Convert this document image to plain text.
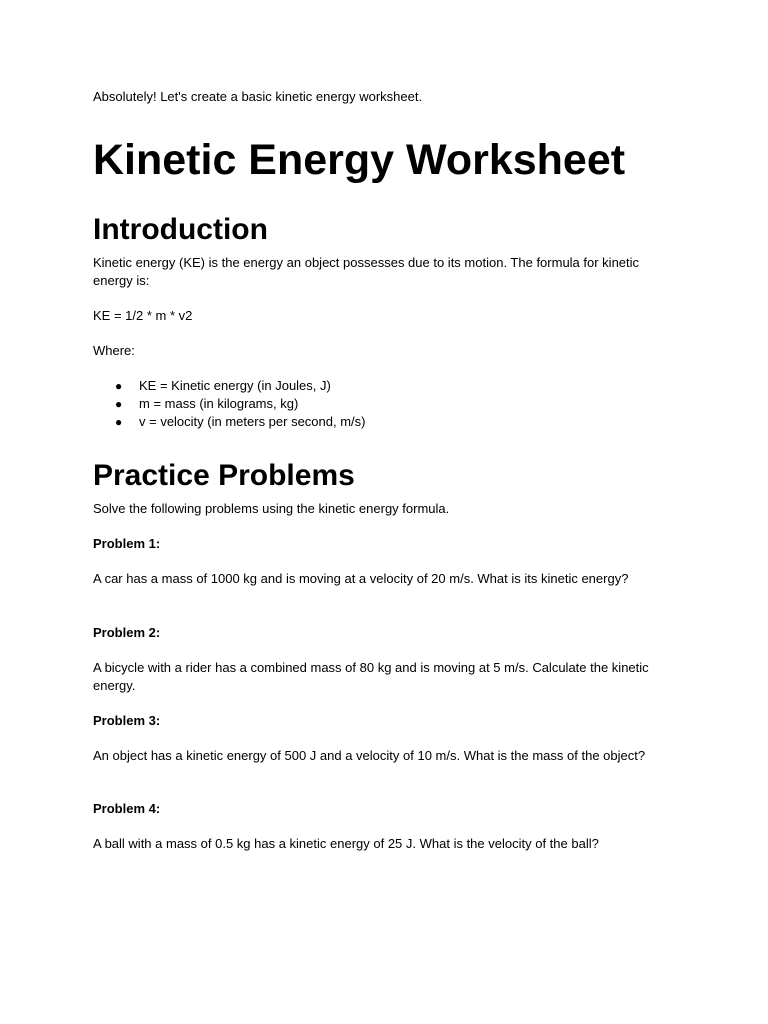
Absolutely! Let's create a basic kinetic energy worksheet.

Kinetic Energy Worksheet
Introduction

Kinetic energy (KE) is the energy an object possesses due to its motion. The formula for kinetic energy is:

KE = 1/2 * m * v2

Where:

● KE = Kinetic energy (in Joules, J)
● m = mass (in kilograms, kg)
● v = velocity (in meters per second, m/s)
Practice Problems

Solve the following problems using the kinetic energy formula.

Problem 1:

A car has a mass of 1000 kg and is moving at a velocity of 20 m/s. What is its kinetic energy?

Problem 2:

A bicycle with a rider has a combined mass of 80 kg and is moving at 5 m/s. Calculate the kinetic energy.

Problem 3:

An object has a kinetic energy of 500 J and a velocity of 10 m/s. What is the mass of the object?

Problem 4:

A ball with a mass of 0.5 kg has a kinetic energy of 25 J. What is the velocity of the ball?
